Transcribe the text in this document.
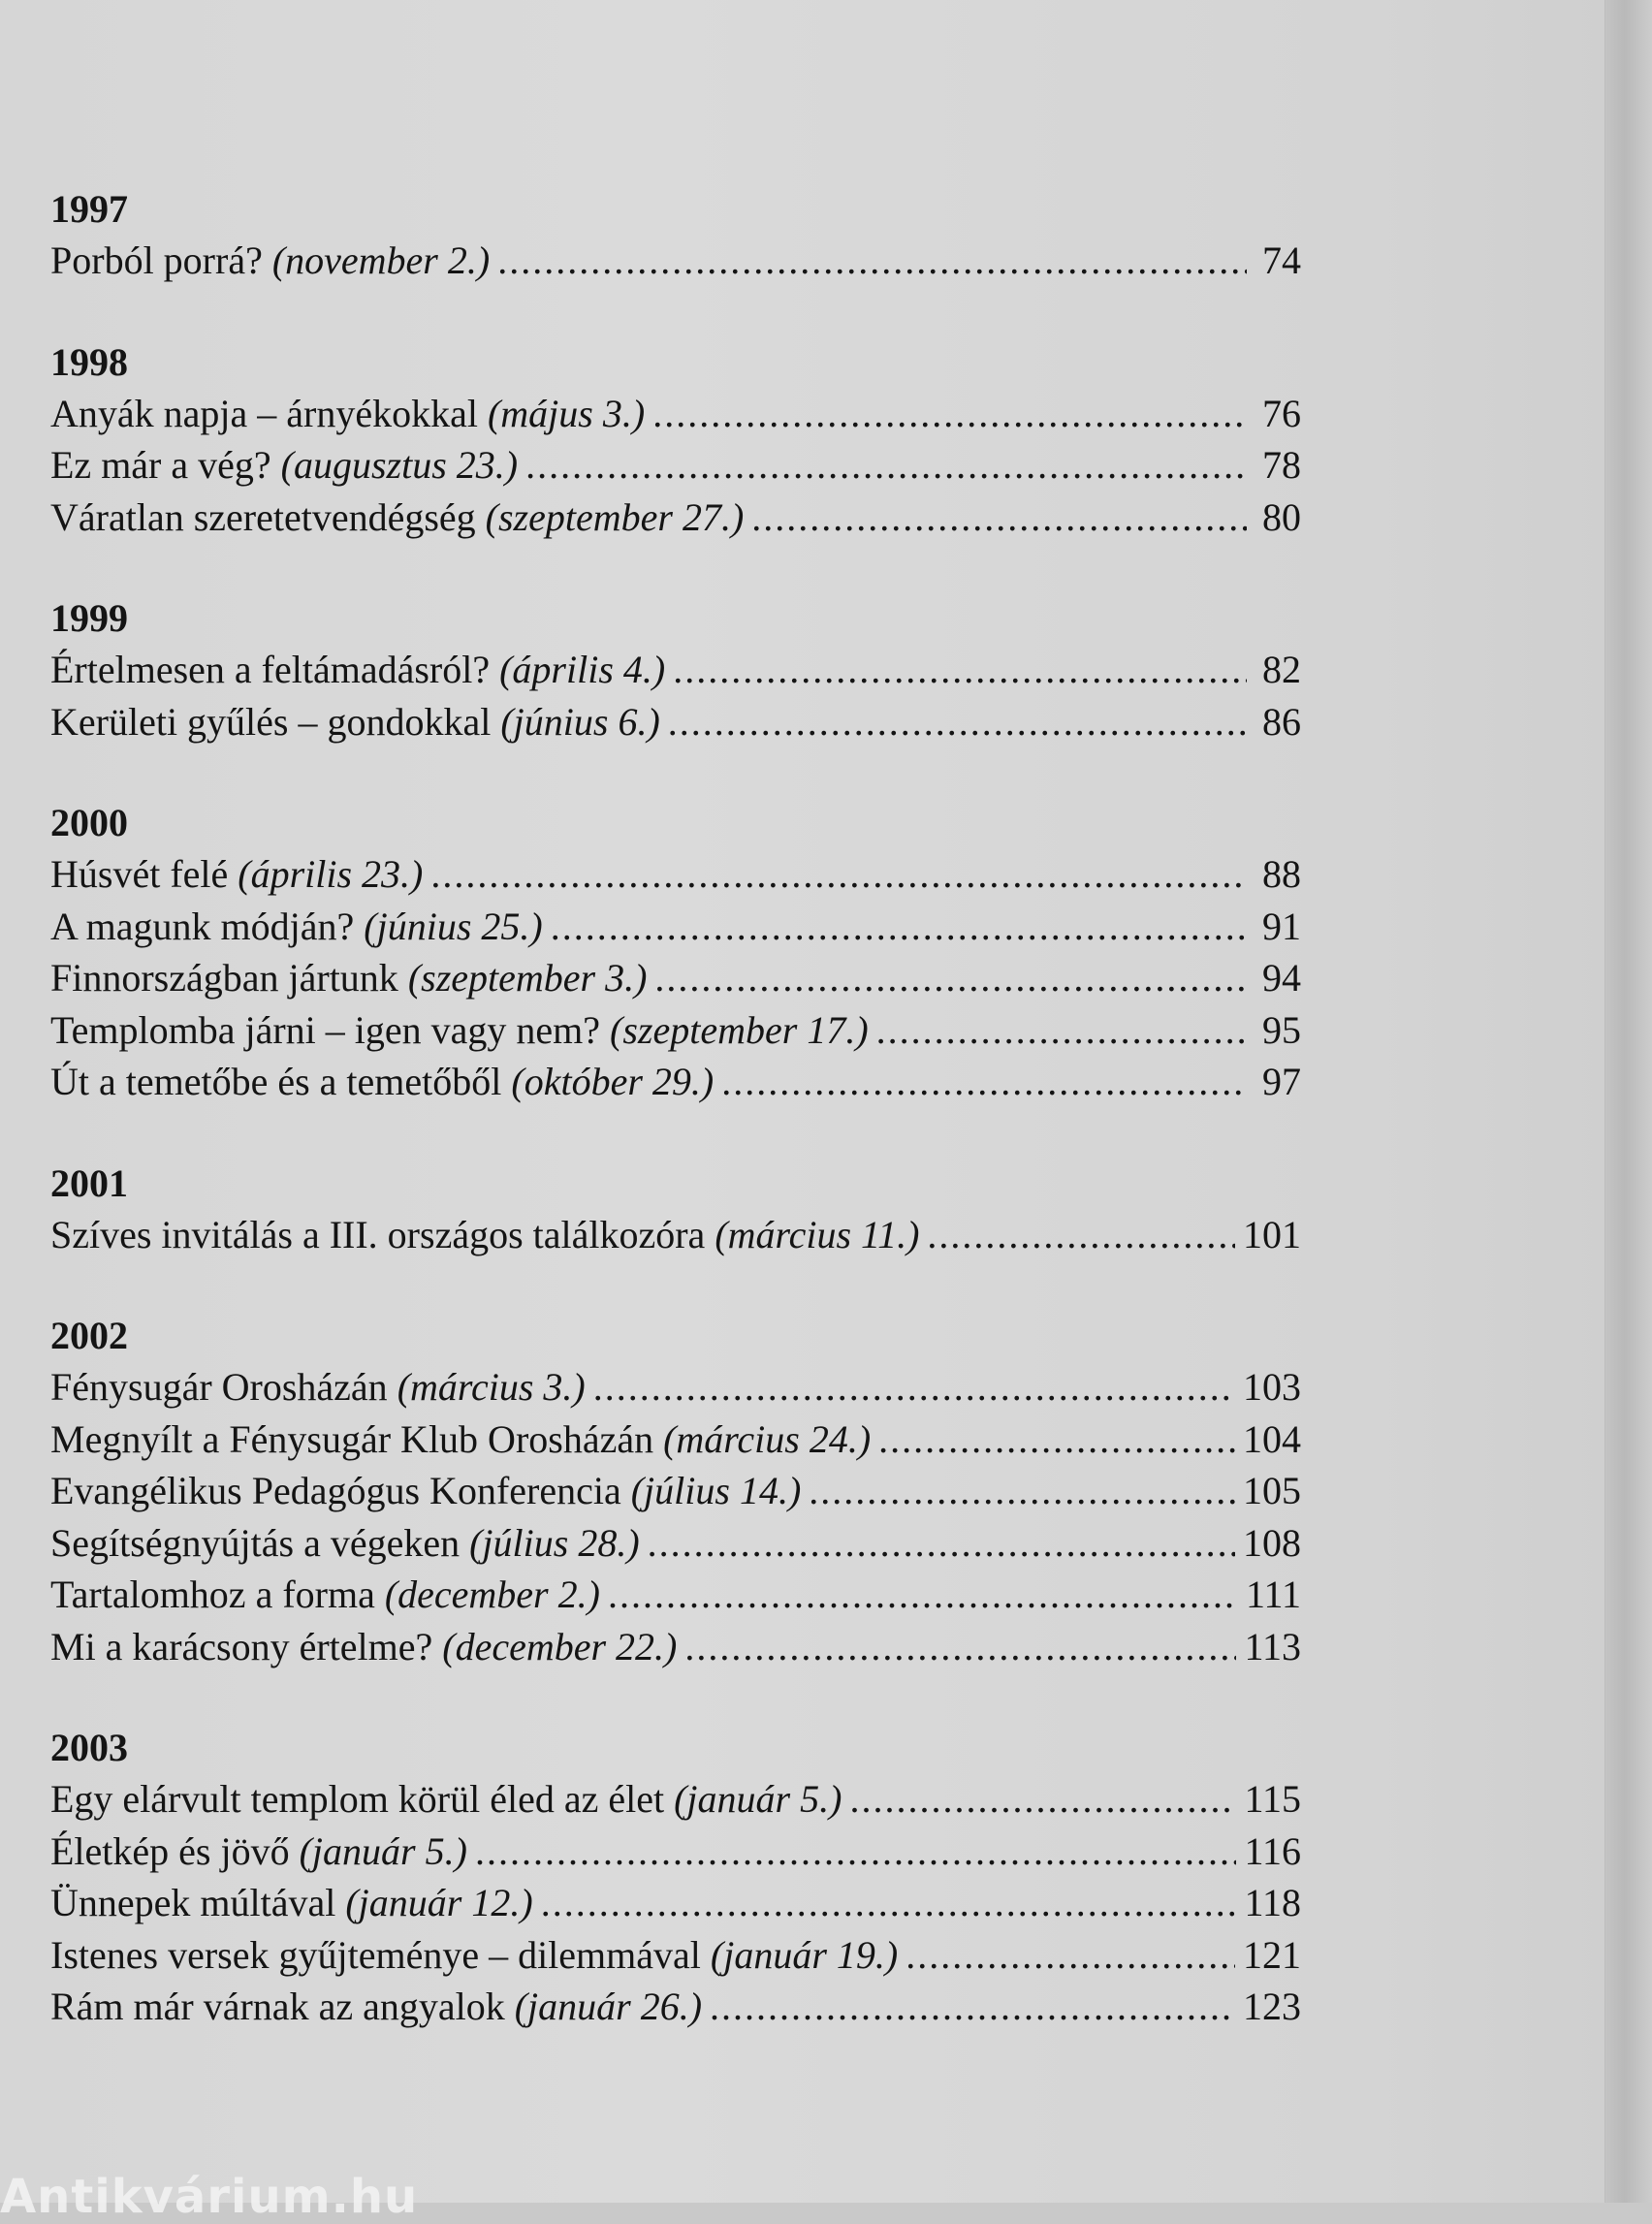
1997
Porból porrá? (november 2.) .....	74
1998
Anyák napja – árnyékokkal (május 3.) .....	76
Ez már a vég? (augusztus 23.) .....	78
Váratlan szeretetvendégség (szeptember 27.) .....	80
1999
Értelmesen a feltámadásról? (április 4.) .....	82
Kerületi gyűlés – gondokkal (június 6.) .....	86
2000
Húsvét felé (április 23.) .....	88
A magunk módján? (június 25.) .....	91
Finnországban jártunk (szeptember 3.) .....	94
Templomba járni – igen vagy nem? (szeptember 17.) .....	95
Út a temetőbe és a temetőből (október 29.) .....	97
2001
Szíves invitálás a III. országos találkozóra (március 11.) .....	101
2002
Fénysugár Orosházán (március 3.) .....	103
Megnyílt a Fénysugár Klub Orosházán (március 24.) .....	104
Evangélikus Pedagógus Konferencia (július 14.) .....	105
Segítségnyújtás a végeken (július 28.) .....	108
Tartalomhoz a forma (december 2.) .....	111
Mi a karácsony értelme? (december 22.) .....	113
2003
Egy elárvult templom körül éled az élet (január 5.) .....	115
Életkép és jövő (január 5.) .....	116
Ünnepek múltával (január 12.) .....	118
Istenes versek gyűjteménye – dilemmával (január 19.) .....	121
Rám már várnak az angyalok (január 26.) .....	123
Antikvárium.hu
